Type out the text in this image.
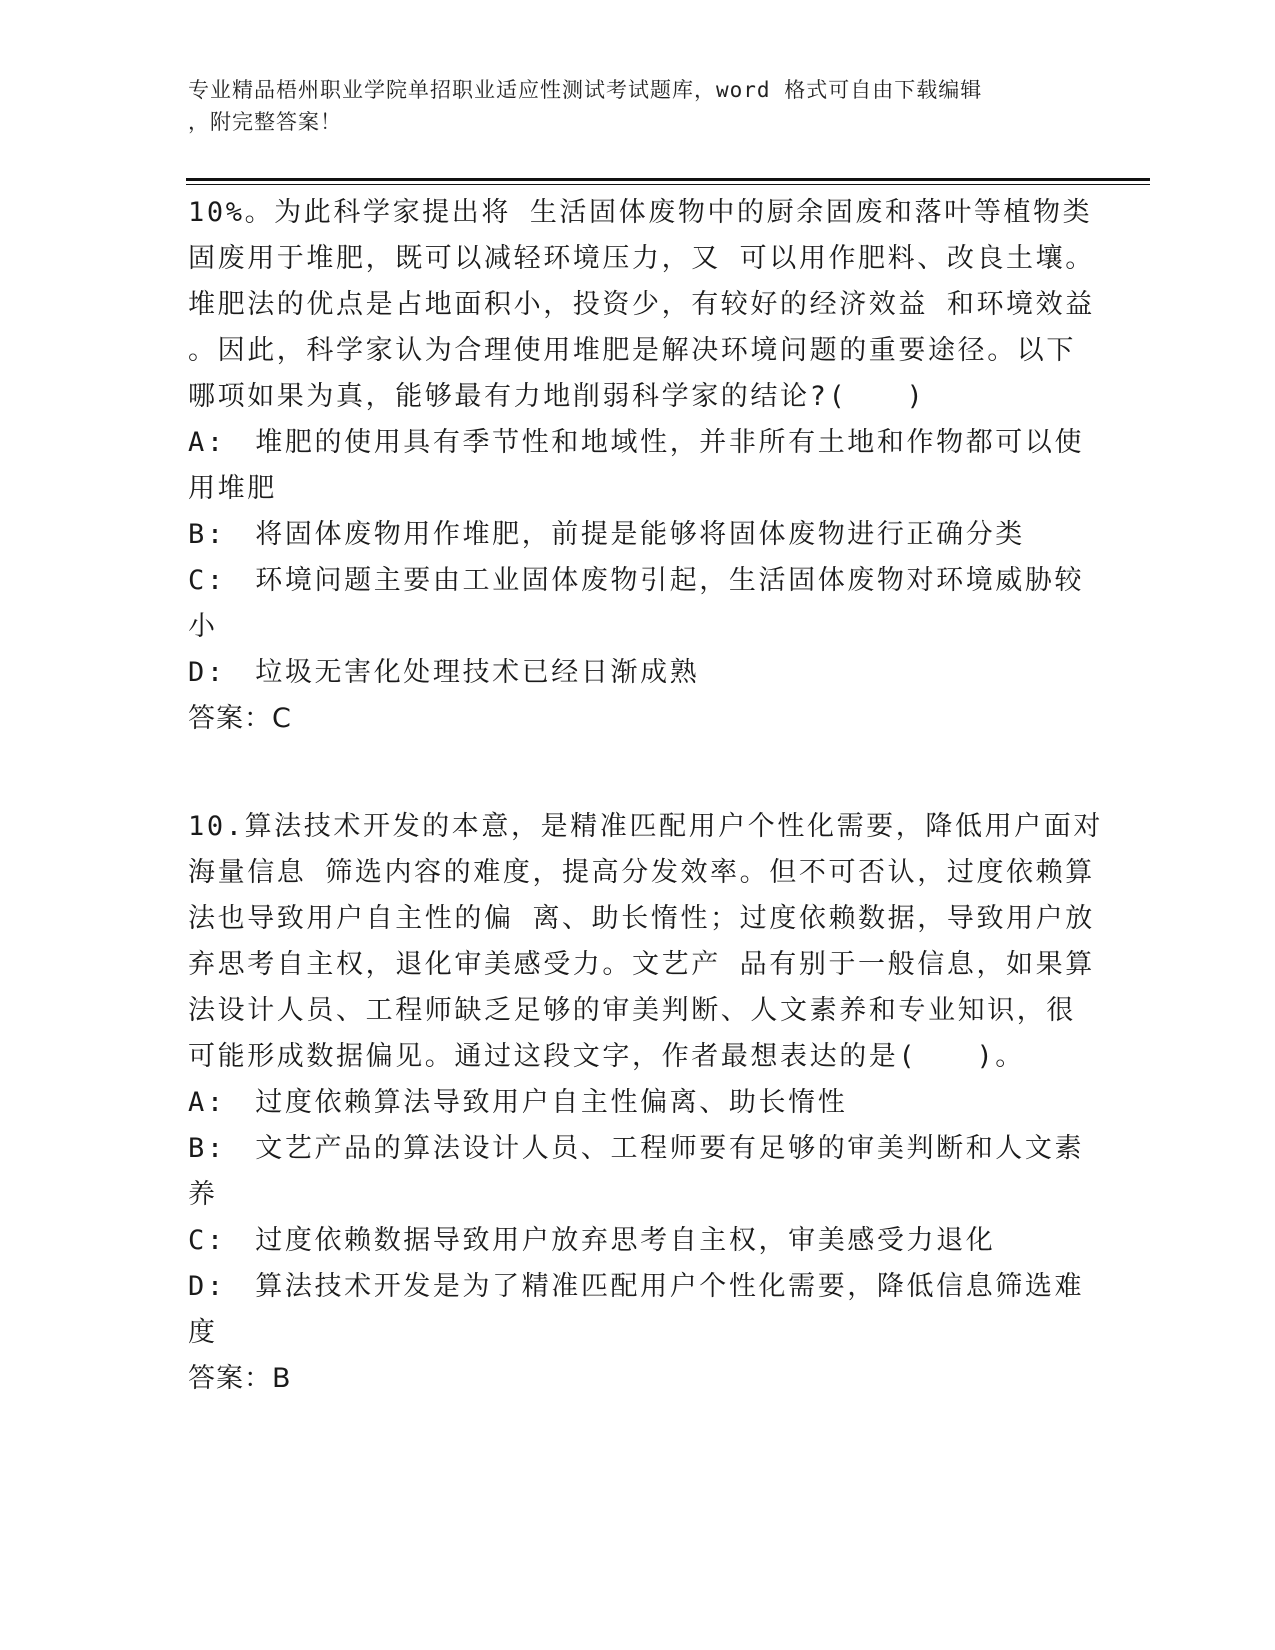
专业精品梧州职业学院单招职业适应性测试考试题库，word 格式可自由下载编辑

，附完整答案！

10%。为此科学家提出将 生活固体废物中的厨余固废和落叶等植物类
固废用于堆肥，既可以减轻环境压力，又 可以用作肥料、改良土壤。
堆肥法的优点是占地面积小，投资少，有较好的经济效益 和环境效益
。因此，科学家认为合理使用堆肥是解决环境问题的重要途径。以下
哪项如果为真，能够最有力地削弱科学家的结论?(　　)
A:　堆肥的使用具有季节性和地域性，并非所有土地和作物都可以使
用堆肥
B:　将固体废物用作堆肥，前提是能够将固体废物进行正确分类
C:　环境问题主要由工业固体废物引起，生活固体废物对环境威胁较
小
D:　垃圾无害化处理技术已经日渐成熟
答案：C
10.算法技术开发的本意，是精准匹配用户个性化需要，降低用户面对
海量信息 筛选内容的难度，提高分发效率。但不可否认，过度依赖算
法也导致用户自主性的偏 离、助长惰性；过度依赖数据，导致用户放
弃思考自主权，退化审美感受力。文艺产 品有别于一般信息，如果算
法设计人员、工程师缺乏足够的审美判断、人文素养和专业知识，很
可能形成数据偏见。通过这段文字，作者最想表达的是(　　)。
A:　过度依赖算法导致用户自主性偏离、助长惰性
B:　文艺产品的算法设计人员、工程师要有足够的审美判断和人文素
养
C:　过度依赖数据导致用户放弃思考自主权，审美感受力退化
D:　算法技术开发是为了精准匹配用户个性化需要，降低信息筛选难
度
答案：B
